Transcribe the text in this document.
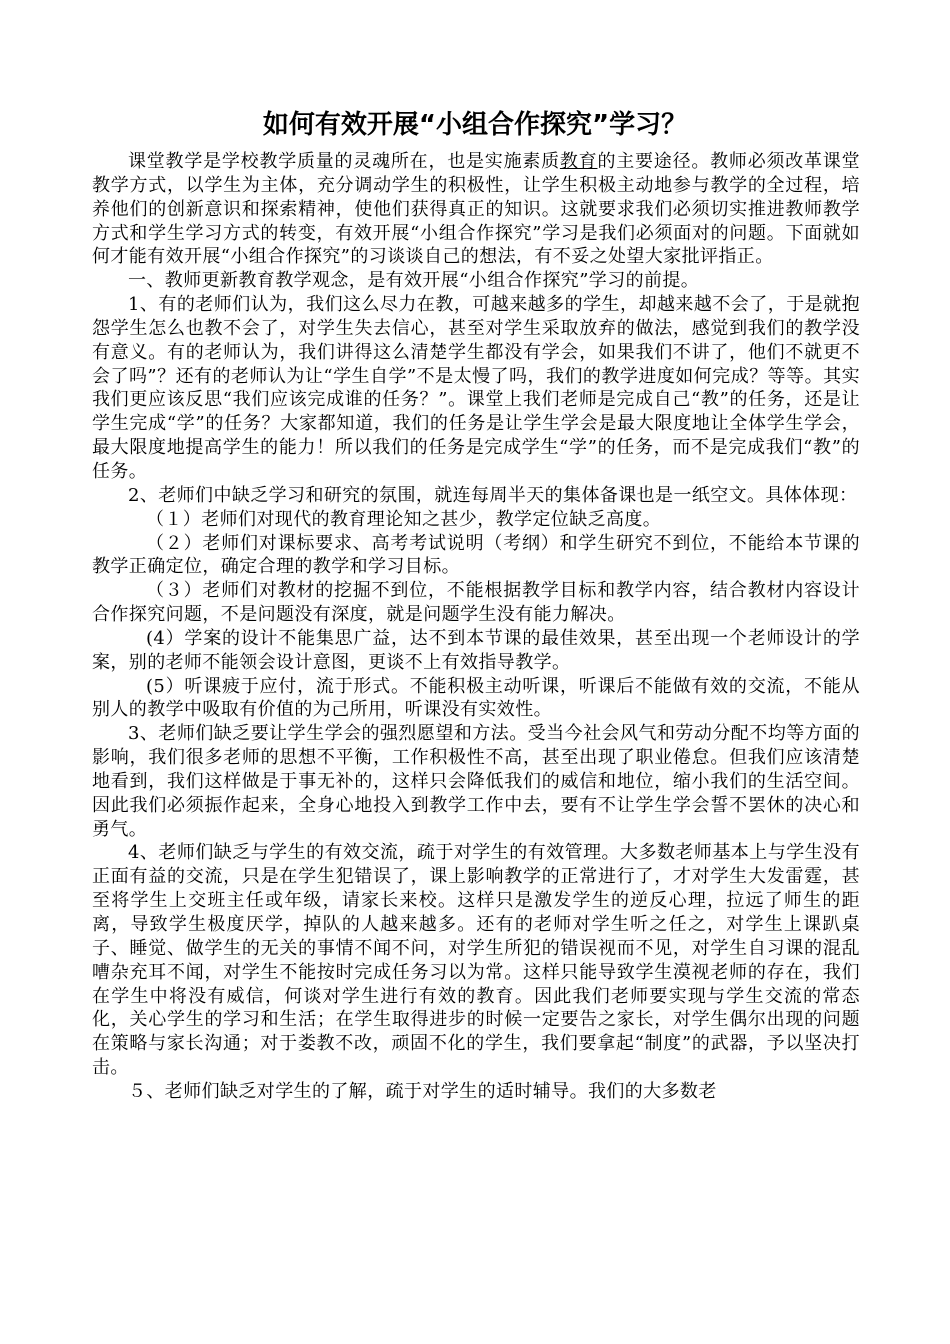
如何有效开展“小组合作探究”学习？

课堂教学是学校教学质量的灵魂所在，也是实施素质教育的主要途径。教师必须改革课堂教学方式，以学生为主体，充分调动学生的积极性，让学生积极主动地参与教学的全过程，培养他们的创新意识和探索精神，使他们获得真正的知识。这就要求我们必须切实推进教师教学方式和学生学习方式的转变，有效开展“小组合作探究”学习是我们必须面对的问题。下面就如何才能有效开展“小组合作探究”的习谈谈自己的想法，有不妥之处望大家批评指正。

一、教师更新教育教学观念，是有效开展“小组合作探究”学习的前提。

1、有的老师们认为，我们这么尽力在教，可越来越多的学生，却越来越不会了，于是就抱怨学生怎么也教不会了，对学生失去信心，甚至对学生采取放弃的做法，感觉到我们的教学没有意义。有的老师认为，我们讲得这么清楚学生都没有学会，如果我们不讲了，他们不就更不会了吗”？还有的老师认为让“学生自学”不是太慢了吗，我们的教学进度如何完成？等等。其实我们更应该反思“我们应该完成谁的任务？”。课堂上我们老师是完成自己“教”的任务，还是让学生完成“学”的任务？大家都知道，我们的任务是让学生学会是最大限度地让全体学生学会，最大限度地提高学生的能力！所以我们的任务是完成学生“学”的任务，而不是完成我们“教”的任务。

2、老师们中缺乏学习和研究的氛围，就连每周半天的集体备课也是一纸空文。具体体现：

（１）老师们对现代的教育理论知之甚少，教学定位缺乏高度。

（２）老师们对课标要求、高考考试说明（考纲）和学生研究不到位，不能给本节课的教学正确定位，确定合理的教学和学习目标。

（３）老师们对教材的挖掘不到位，不能根据教学目标和教学内容，结合教材内容设计合作探究问题，不是问题没有深度，就是问题学生没有能力解决。

(4）学案的设计不能集思广益，达不到本节课的最佳效果，甚至出现一个老师设计的学案，别的老师不能领会设计意图，更谈不上有效指导教学。

(5）听课疲于应付，流于形式。不能积极主动听课，听课后不能做有效的交流，不能从别人的教学中吸取有价值的为己所用，听课没有实效性。

3、老师们缺乏要让学生学会的强烈愿望和方法。受当今社会风气和劳动分配不均等方面的影响，我们很多老师的思想不平衡，工作积极性不高，甚至出现了职业倦怠。但我们应该清楚地看到，我们这样做是于事无补的，这样只会降低我们的威信和地位，缩小我们的生活空间。因此我们必须振作起来，全身心地投入到教学工作中去，要有不让学生学会誓不罢休的决心和勇气。

4、老师们缺乏与学生的有效交流，疏于对学生的有效管理。大多数老师基本上与学生没有正面有益的交流，只是在学生犯错误了，课上影响教学的正常进行了，才对学生大发雷霆，甚至将学生上交班主任或年级，请家长来校。这样只是激发学生的逆反心理，拉远了师生的距离，导致学生极度厌学，掉队的人越来越多。还有的老师对学生听之任之，对学生上课趴桌子、睡觉、做学生的无关的事情不闻不问，对学生所犯的错误视而不见，对学生自习课的混乱嘈杂充耳不闻，对学生不能按时完成任务习以为常。这样只能导致学生漠视老师的存在，我们在学生中将没有威信，何谈对学生进行有效的教育。因此我们老师要实现与学生交流的常态化，关心学生的学习和生活；在学生取得进步的时候一定要告之家长，对学生偶尔出现的问题在策略与家长沟通；对于娄教不改，顽固不化的学生，我们要拿起“制度”的武器，予以坚决打击。

５、老师们缺乏对学生的了解，疏于对学生的适时辅导。我们的大多数老
